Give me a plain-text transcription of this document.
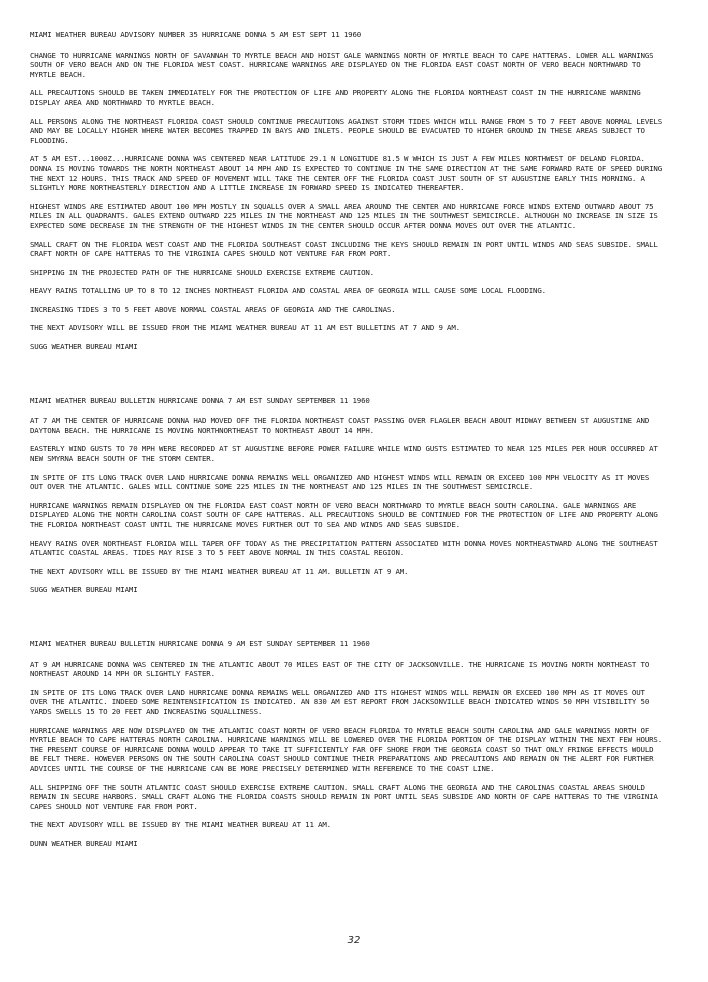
MIAMI WEATHER BUREAU ADVISORY NUMBER 35 HURRICANE DONNA 5 AM EST SEPT 11 1960

CHANGE TO HURRICANE WARNINGS NORTH OF SAVANNAH TO MYRTLE BEACH AND HOIST GALE WARNINGS NORTH OF MYRTLE BEACH TO CAPE HATTERAS. LOWER ALL WARNINGS SOUTH OF VERO BEACH AND ON THE FLORIDA WEST COAST. HURRICANE WARNINGS ARE DISPLAYED ON THE FLORIDA EAST COAST NORTH OF VERO BEACH NORTHWARD TO MYRTLE BEACH.

ALL PRECAUTIONS SHOULD BE TAKEN IMMEDIATELY FOR THE PROTECTION OF LIFE AND PROPERTY ALONG THE FLORIDA NORTHEAST COAST IN THE HURRICANE WARNING DISPLAY AREA AND NORTHWARD TO MYRTLE BEACH.

ALL PERSONS ALONG THE NORTHEAST FLORIDA COAST SHOULD CONTINUE PRECAUTIONS AGAINST STORM TIDES WHICH WILL RANGE FROM 5 TO 7 FEET ABOVE NORMAL LEVELS AND MAY BE LOCALLY HIGHER WHERE WATER BECOMES TRAPPED IN BAYS AND INLETS. PEOPLE SHOULD BE EVACUATED TO HIGHER GROUND IN THESE AREAS SUBJECT TO FLOODING.

AT 5 AM EST...1000Z...HURRICANE DONNA WAS CENTERED NEAR LATITUDE 29.1 N LONGITUDE 81.5 W WHICH IS JUST A FEW MILES NORTHWEST OF DELAND FLORIDA. DONNA IS MOVING TOWARDS THE NORTH NORTHEAST ABOUT 14 MPH AND IS EXPECTED TO CONTINUE IN THE SAME DIRECTION AT THE SAME FORWARD RATE OF SPEED DURING THE NEXT 12 HOURS. THIS TRACK AND SPEED OF MOVEMENT WILL TAKE THE CENTER OFF THE FLORIDA COAST JUST SOUTH OF ST AUGUSTINE EARLY THIS MORNING. A SLIGHTLY MORE NORTHEASTERLY DIRECTION AND A LITTLE INCREASE IN FORWARD SPEED IS INDICATED THEREAFTER.

HIGHEST WINDS ARE ESTIMATED ABOUT 100 MPH MOSTLY IN SQUALLS OVER A SMALL AREA AROUND THE CENTER AND HURRICANE FORCE WINDS EXTEND OUTWARD ABOUT 75 MILES IN ALL QUADRANTS. GALES EXTEND OUTWARD 225 MILES IN THE NORTHEAST AND 125 MILES IN THE SOUTHWEST SEMICIRCLE. ALTHOUGH NO INCREASE IN SIZE IS EXPECTED SOME DECREASE IN THE STRENGTH OF THE HIGHEST WINDS IN THE CENTER SHOULD OCCUR AFTER DONNA MOVES OUT OVER THE ATLANTIC.

SMALL CRAFT ON THE FLORIDA WEST COAST AND THE FLORIDA SOUTHEAST COAST INCLUDING THE KEYS SHOULD REMAIN IN PORT UNTIL WINDS AND SEAS SUBSIDE. SMALL CRAFT NORTH OF CAPE HATTERAS TO THE VIRGINIA CAPES SHOULD NOT VENTURE FAR FROM PORT.

SHIPPING IN THE PROJECTED PATH OF THE HURRICANE SHOULD EXERCISE EXTREME CAUTION.

HEAVY RAINS TOTALLING UP TO 8 TO 12 INCHES NORTHEAST FLORIDA AND COASTAL AREA OF GEORGIA WILL CAUSE SOME LOCAL FLOODING.

INCREASING TIDES 3 TO 5 FEET ABOVE NORMAL COASTAL AREAS OF GEORGIA AND THE CAROLINAS.

THE NEXT ADVISORY WILL BE ISSUED FROM THE MIAMI WEATHER BUREAU AT 11 AM EST BULLETINS AT 7 AND 9 AM.

SUGG WEATHER BUREAU MIAMI

MIAMI WEATHER BUREAU BULLETIN HURRICANE DONNA 7 AM EST SUNDAY SEPTEMBER 11 1960

AT 7 AM THE CENTER OF HURRICANE DONNA HAD MOVED OFF THE FLORIDA NORTHEAST COAST PASSING OVER FLAGLER BEACH ABOUT MIDWAY BETWEEN ST AUGUSTINE AND DAYTONA BEACH. THE HURRICANE IS MOVING NORTHNORTHEAST TO NORTHEAST ABOUT 14 MPH.

EASTERLY WIND GUSTS TO 70 MPH WERE RECORDED AT ST AUGUSTINE BEFORE POWER FAILURE WHILE WIND GUSTS ESTIMATED TO NEAR 125 MILES PER HOUR OCCURRED AT NEW SMYRNA BEACH SOUTH OF THE STORM CENTER.

IN SPITE OF ITS LONG TRACK OVER LAND HURRICANE DONNA REMAINS WELL ORGANIZED AND HIGHEST WINDS WILL REMAIN OR EXCEED 100 MPH VELOCITY AS IT MOVES OUT OVER THE ATLANTIC. GALES WILL CONTINUE SOME 225 MILES IN THE NORTHEAST AND 125 MILES IN THE SOUTHWEST SEMICIRCLE.

HURRICANE WARNINGS REMAIN DISPLAYED ON THE FLORIDA EAST COAST NORTH OF VERO BEACH NORTHWARD TO MYRTLE BEACH SOUTH CAROLINA. GALE WARNINGS ARE DISPLAYED ALONG THE NORTH CAROLINA COAST SOUTH OF CAPE HATTERAS. ALL PRECAUTIONS SHOULD BE CONTINUED FOR THE PROTECTION OF LIFE AND PROPERTY ALONG THE FLORIDA NORTHEAST COAST UNTIL THE HURRICANE MOVES FURTHER OUT TO SEA AND WINDS AND SEAS SUBSIDE.

HEAVY RAINS OVER NORTHEAST FLORIDA WILL TAPER OFF TODAY AS THE PRECIPITATION PATTERN ASSOCIATED WITH DONNA MOVES NORTHEASTWARD ALONG THE SOUTHEAST ATLANTIC COASTAL AREAS. TIDES MAY RISE 3 TO 5 FEET ABOVE NORMAL IN THIS COASTAL REGION.

THE NEXT ADVISORY WILL BE ISSUED BY THE MIAMI WEATHER BUREAU AT 11 AM. BULLETIN AT 9 AM.

SUGG WEATHER BUREAU MIAMI

MIAMI WEATHER BUREAU BULLETIN HURRICANE DONNA 9 AM EST SUNDAY SEPTEMBER 11 1960

AT 9 AM HURRICANE DONNA WAS CENTERED IN THE ATLANTIC ABOUT 70 MILES EAST OF THE CITY OF JACKSONVILLE. THE HURRICANE IS MOVING NORTH NORTHEAST TO NORTHEAST AROUND 14 MPH OR SLIGHTLY FASTER.

IN SPITE OF ITS LONG TRACK OVER LAND HURRICANE DONNA REMAINS WELL ORGANIZED AND ITS HIGHEST WINDS WILL REMAIN OR EXCEED 100 MPH AS IT MOVES OUT OVER THE ATLANTIC. INDEED SOME REINTENSIFICATION IS INDICATED. AN 830 AM EST REPORT FROM JACKSONVILLE BEACH INDICATED WINDS 50 MPH VISIBILITY 50 YARDS SWELLS 15 TO 20 FEET AND INCREASING SQUALLINESS.

HURRICANE WARNINGS ARE NOW DISPLAYED ON THE ATLANTIC COAST NORTH OF VERO BEACH FLORIDA TO MYRTLE BEACH SOUTH CAROLINA AND GALE WARNINGS NORTH OF MYRTLE BEACH TO CAPE HATTERAS NORTH CAROLINA. HURRICANE WARNINGS WILL BE LOWERED OVER THE FLORIDA PORTION OF THE DISPLAY WITHIN THE NEXT FEW HOURS. THE PRESENT COURSE OF HURRICANE DONNA WOULD APPEAR TO TAKE IT SUFFICIENTLY FAR OFF SHORE FROM THE GEORGIA COAST SO THAT ONLY FRINGE EFFECTS WOULD BE FELT THERE. HOWEVER PERSONS ON THE SOUTH CAROLINA COAST SHOULD CONTINUE THEIR PREPARATIONS AND PRECAUTIONS AND REMAIN ON THE ALERT FOR FURTHER ADVICES UNTIL THE COURSE OF THE HURRICANE CAN BE MORE PRECISELY DETERMINED WITH REFERENCE TO THE COAST LINE.

ALL SHIPPING OFF THE SOUTH ATLANTIC COAST SHOULD EXERCISE EXTREME CAUTION. SMALL CRAFT ALONG THE GEORGIA AND THE CAROLINAS COASTAL AREAS SHOULD REMAIN IN SECURE HARBORS. SMALL CRAFT ALONG THE FLORIDA COASTS SHOULD REMAIN IN PORT UNTIL SEAS SUBSIDE AND NORTH OF CAPE HATTERAS TO THE VIRGINIA CAPES SHOULD NOT VENTURE FAR FROM PORT.

THE NEXT ADVISORY WILL BE ISSUED BY THE MIAMI WEATHER BUREAU AT 11 AM.

DUNN WEATHER BUREAU MIAMI

32
